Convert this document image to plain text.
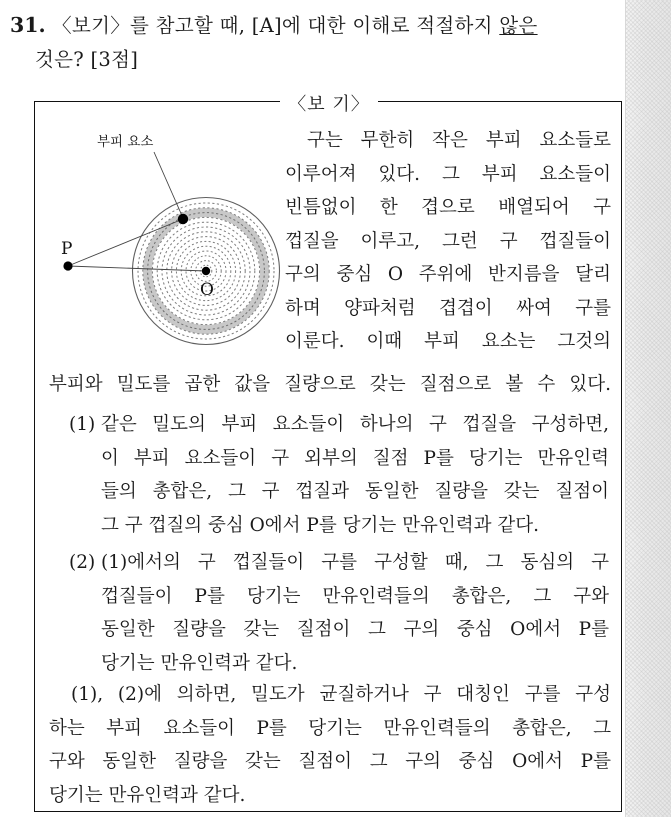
31. 〈보기〉를 참고할 때, [A]에 대한 이해로 적절하지 않은
것은? [3점]
〈보 기〉
부피 요소
P
O
구는 무한히 작은 부피 요소들로
이루어져 있다. 그 부피 요소들이
빈틈없이 한 겹으로 배열되어 구
껍질을 이루고, 그런 구 껍질들이
구의 중심 O 주위에 반지름을 달리
하며 양파처럼 겹겹이 싸여 구를
이룬다. 이때 부피 요소는 그것의
부피와 밀도를 곱한 값을 질량으로 갖는 질점으로 볼 수 있다.
(1) 같은 밀도의 부피 요소들이 하나의 구 껍질을 구성하면,
이 부피 요소들이 구 외부의 질점 P를 당기는 만유인력
들의 총합은, 그 구 껍질과 동일한 질량을 갖는 질점이
그 구 껍질의 중심 O에서 P를 당기는 만유인력과 같다.
(2) (1)에서의 구 껍질들이 구를 구성할 때, 그 동심의 구
껍질들이 P를 당기는 만유인력들의 총합은, 그 구와
동일한 질량을 갖는 질점이 그 구의 중심 O에서 P를
당기는 만유인력과 같다.
(1), (2)에 의하면, 밀도가 균질하거나 구 대칭인 구를 구성
하는 부피 요소들이 P를 당기는 만유인력들의 총합은, 그
구와 동일한 질량을 갖는 질점이 그 구의 중심 O에서 P를
당기는 만유인력과 같다.
